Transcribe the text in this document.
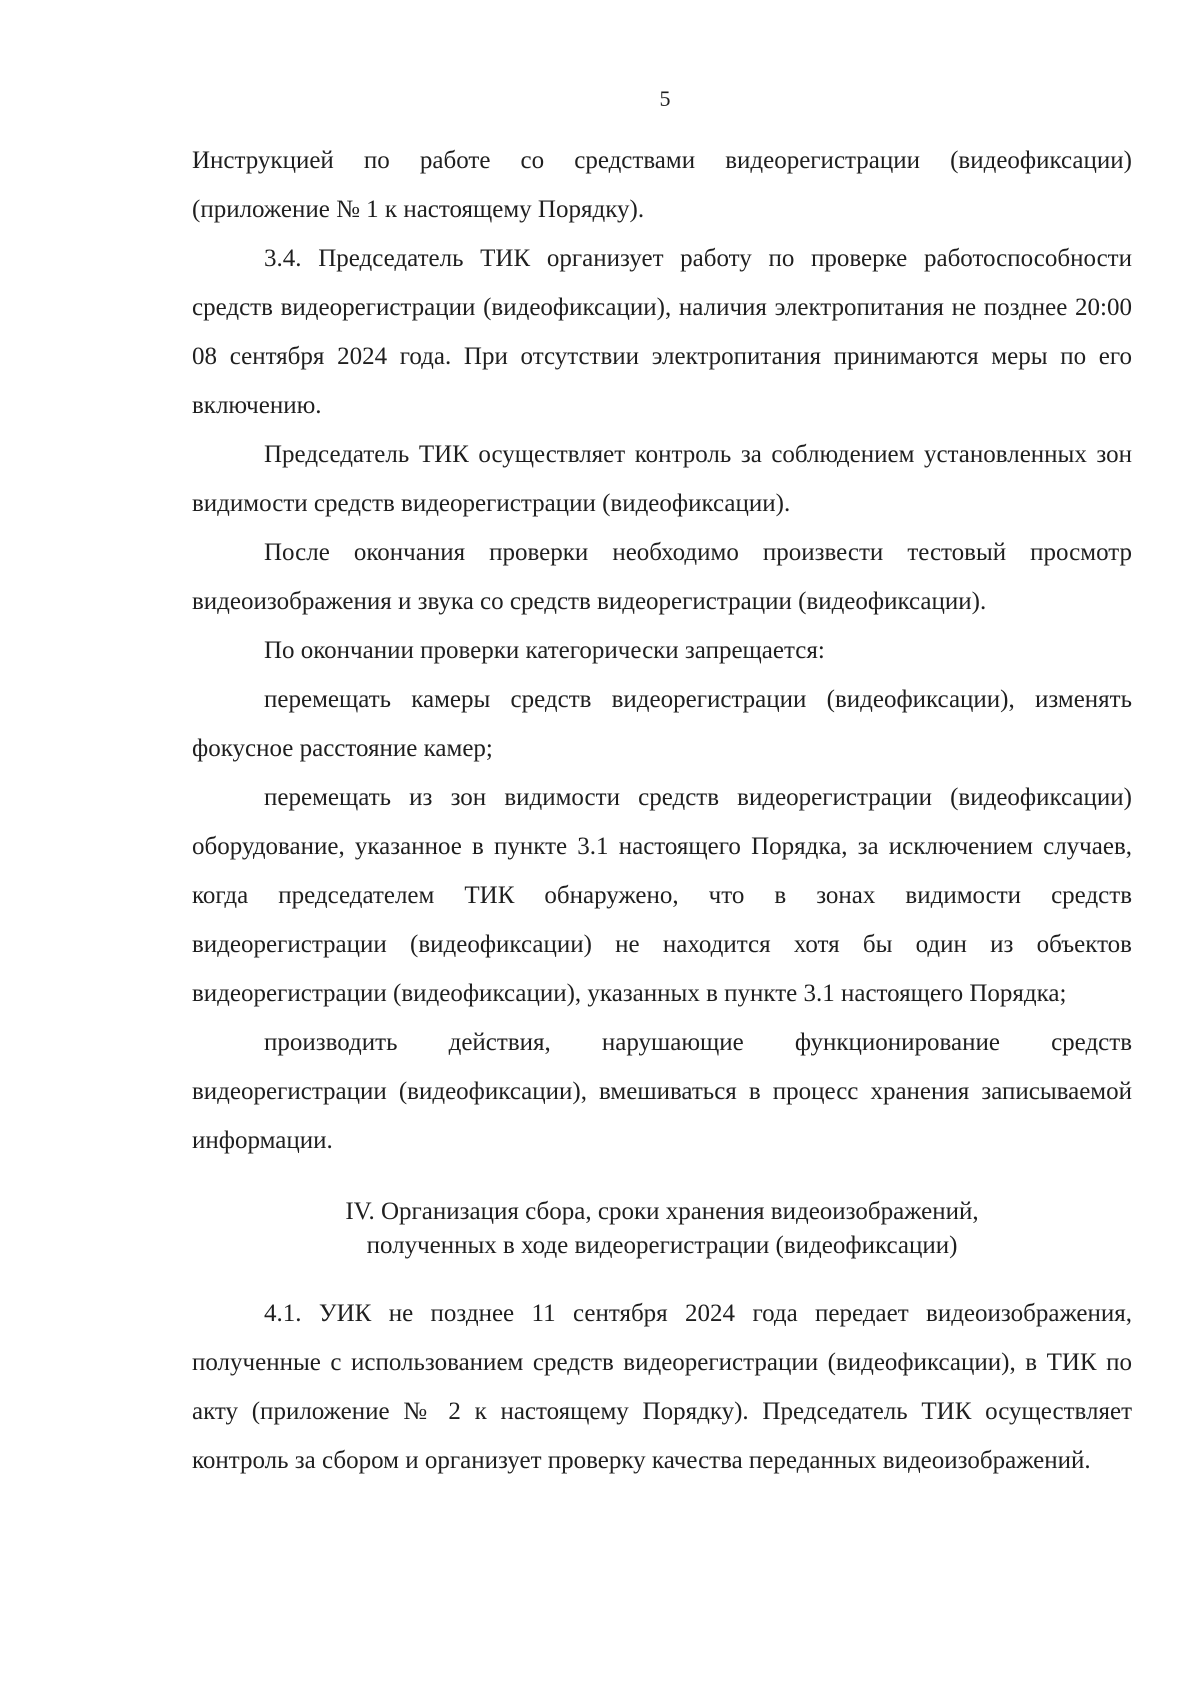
5

Инструкцией по работе со средствами видеорегистрации (видеофиксации) (приложение № 1 к настоящему Порядку).

3.4. Председатель ТИК организует работу по проверке работоспособности средств видеорегистрации (видеофиксации), наличия электропитания не позднее 20:00 08 сентября 2024 года. При отсутствии электропитания принимаются меры по его включению.

Председатель ТИК осуществляет контроль за соблюдением установленных зон видимости средств видеорегистрации (видеофиксации).

После окончания проверки необходимо произвести тестовый просмотр видеоизображения и звука со средств видеорегистрации (видеофиксации).

По окончании проверки категорически запрещается:

перемещать камеры средств видеорегистрации (видеофиксации), изменять фокусное расстояние камер;

перемещать из зон видимости средств видеорегистрации (видеофиксации) оборудование, указанное в пункте 3.1 настоящего Порядка, за исключением случаев, когда председателем ТИК обнаружено, что в зонах видимости средств видеорегистрации (видеофиксации) не находится хотя бы один из объектов видеорегистрации (видеофиксации), указанных в пункте 3.1 настоящего Порядка;

производить действия, нарушающие функционирование средств видеорегистрации (видеофиксации), вмешиваться в процесс хранения записываемой информации.

IV. Организация сбора, сроки хранения видеоизображений,
полученных в ходе видеорегистрации (видеофиксации)

4.1. УИК не позднее 11 сентября 2024 года передает видеоизображения, полученные с использованием средств видеорегистрации (видеофиксации), в ТИК по акту (приложение № 2 к настоящему Порядку). Председатель ТИК осуществляет контроль за сбором и организует проверку качества переданных видеоизображений.
